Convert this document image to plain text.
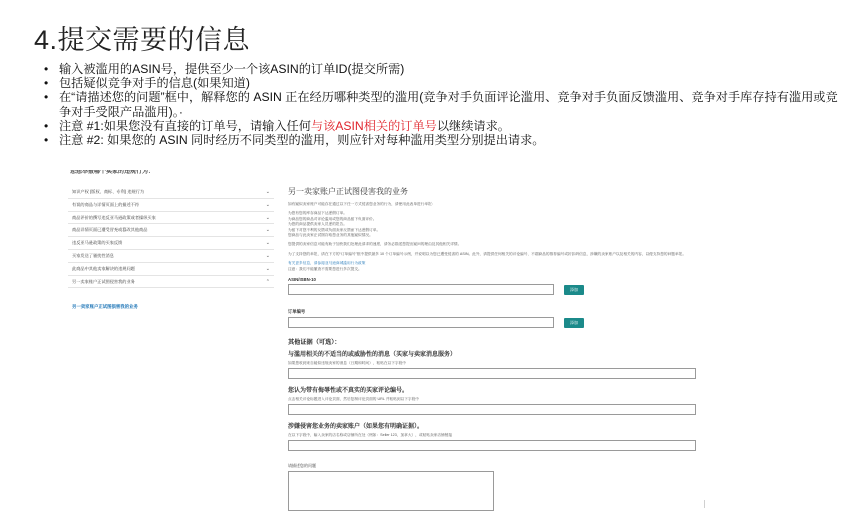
4.提交需要的信息
• 输入被滥用的ASIN号，提供至少一个该ASIN的订单ID(提交所需)
• 包括疑似竞争对手的信息(如果知道)
• 在“请描述您的问题”框中，解释您的 ASIN 正在经历哪种类型的滥用(竞争对手负面评论滥用、竞争对手负面反馈滥用、竞争对手库存持有滥用或竞争对手受限产品滥用)。·
• 注意 #1:如果您没有直接的订单号，请输入任何与该ASIN相关的订单号以继续请求。
• 注意 #2: 如果您的 ASIN 同时经历不同类型的滥用，则应针对每种滥用类型分别提出请求。
您想举报哪个卖家的违规行为：
知识产权 (版权、商标、专利) 违规行为	⌄
有误的商品与详情页面上的描述不符	⌄
商品评价的撰写违反亚马逊政策或者操纵买家	⌄
商品详情页面已遭受冒充或篡改其他商品	⌄
违反亚马逊政策的买家反馈	⌄
买家发送了骚扰性消息	⌄
此商品中其他卖家解决的违规问题	⌄
另一卖家账户正试图侵害我的业务	⌃
另一卖家账户正试图损害我的业务
另一卖家账户正试图侵害我的业务
如有疑似卖家账户可能存在通过以下任一方式侵害您业务的行为，请使用此表单进行举报:
为您有您的库存商品下达虚假订单。
为商品您的商品对评论滥用或您的商品留下负面评价。
为您的商品提供卖家人员虚的报告。
为留下对您不利的反馈或负面卖家反馈而下达虚假订单。
您商品与此卖家正试图窃取您业务的其他疑似情况。
您提供的卖家信息可能有助于加快我们处理此请求的速度，请务必描述您提出疑问的理由及其他相关详情。
为了支持您的举报，请在下方的“订单编号”框中提供最多 10 个订单编号示例，并说明以为您已遭受侵害的 ASIN。此外，请提供任何相关的评论编号、不端商品的推荐编号或折扣码信息，涉嫌的卖家账户以及相关的内容，以便支持您的问题举报。
有关更多信息，请参阅亚马逊商城滥用行为政策
注意：我们不能撤查不需要您进行多次提交。
ASIN/ISBN-10
添加
订单编号
添加
其他证据（可选）：
与滥用相关的不适当的或威胁性的消息（买家与卖家消息服务）
如果您收到来自疑似违规卖家的消息（日期和时间），粘贴在以下字段中
您认为带有侮辱性或不真实的买家评论编号。
点击相关评论标题进入评论页面，然后复制评论页面的 URL 并粘贴到以下字段中
涉嫌侵害您业务的卖家账户（如果您有明确证据）。
在以下字段中，输入卖家的店名称或店铺所在处（例如：Seller 123，加拿大），或粘贴卖家店铺链接
请描述您的问题
